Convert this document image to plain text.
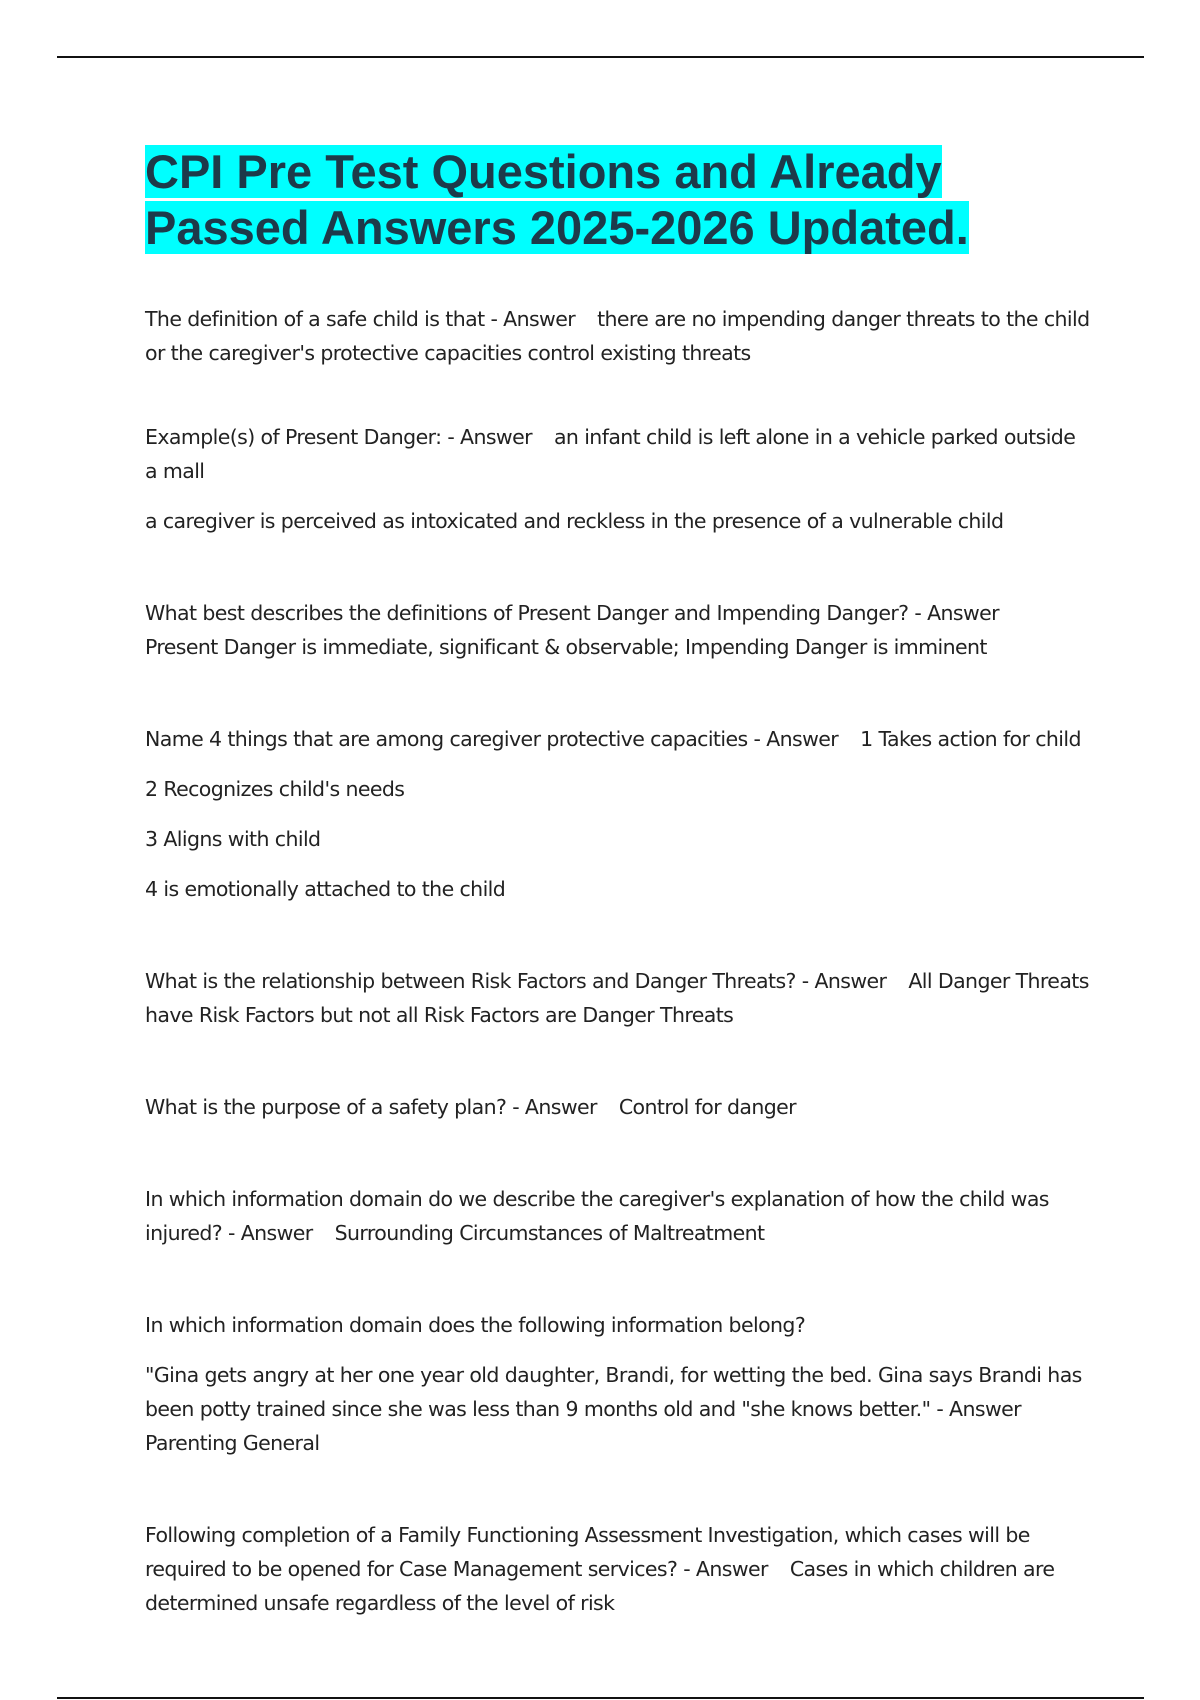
CPI Pre Test Questions and Already
Passed Answers 2025-2026 Updated.

The definition of a safe child is that - Answer there are no impending danger threats to the child or the caregiver's protective capacities control existing threats

Example(s) of Present Danger: - Answer an infant child is left alone in a vehicle parked outside a mall

a caregiver is perceived as intoxicated and reckless in the presence of a vulnerable child

What best describes the definitions of Present Danger and Impending Danger? - AnswerPresent Danger is immediate, significant & observable; Impending Danger is imminent

Name 4 things that are among caregiver protective capacities - Answer 1 Takes action for child

2 Recognizes child's needs

3 Aligns with child

4 is emotionally attached to the child

What is the relationship between Risk Factors and Danger Threats? - Answer All Danger Threats have Risk Factors but not all Risk Factors are Danger Threats

What is the purpose of a safety plan? - Answer Control for danger

In which information domain do we describe the caregiver's explanation of how the child was injured? - Answer Surrounding Circumstances of Maltreatment

In which information domain does the following information belong?

"Gina gets angry at her one year old daughter, Brandi, for wetting the bed. Gina says Brandi has been potty trained since she was less than 9 months old and "she knows better." - AnswerParenting General

Following completion of a Family Functioning Assessment Investigation, which cases will be required to be opened for Case Management services? - Answer Cases in which children are determined unsafe regardless of the level of risk
